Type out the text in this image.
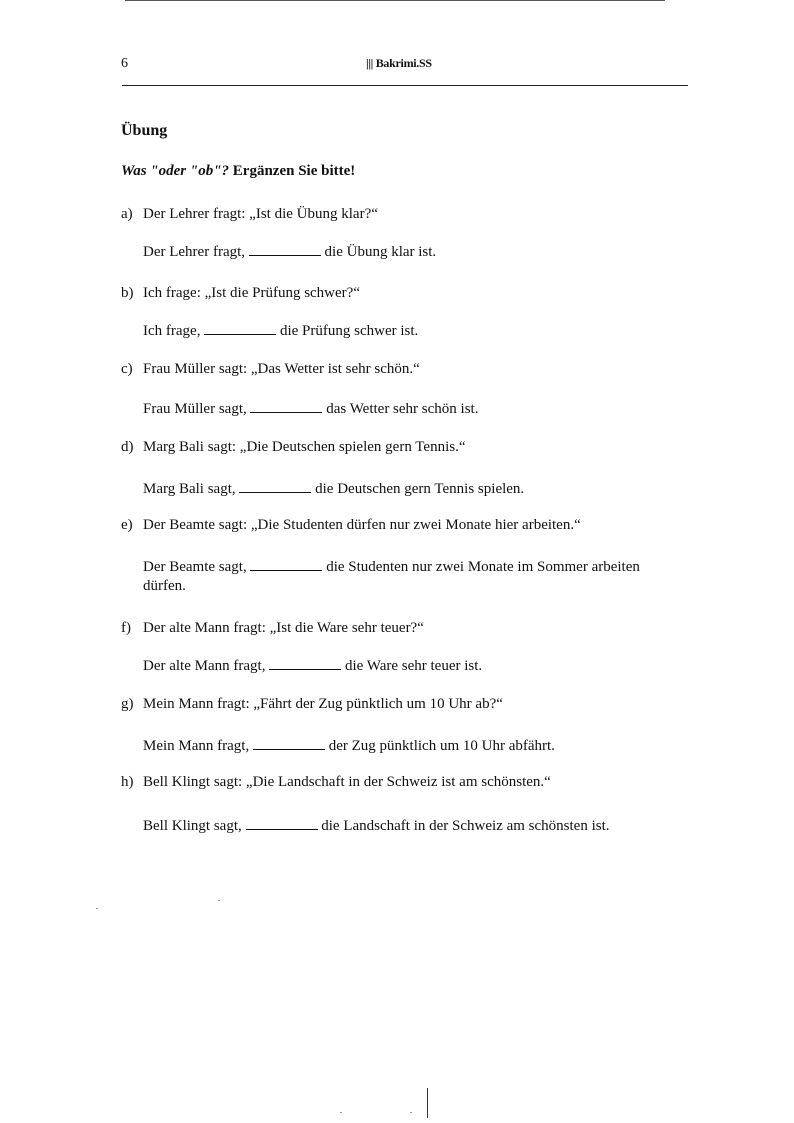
6	||| Bakrimi.SS
Übung
Was "oder "ob"? Ergänzen Sie bitte!
a) Der Lehrer fragt: „Ist die Übung klar?“
Der Lehrer fragt,	die Übung klar ist.
b) Ich frage: „Ist die Prüfung schwer?“
Ich frage,	die Prüfung schwer ist.
c) Frau Müller sagt: „Das Wetter ist sehr schön.“
Frau Müller sagt,	das Wetter sehr schön ist.
d) Marg Bali sagt: „Die Deutschen spielen gern Tennis.“
Marg Bali sagt,	die Deutschen gern Tennis spielen.
e) Der Beamte sagt: „Die Studenten dürfen nur zwei Monate hier arbeiten.“
Der Beamte sagt,	die Studenten nur zwei Monate im Sommer arbeiten
dürfen.
f) Der alte Mann fragt: „Ist die Ware sehr teuer?“
Der alte Mann fragt,	die Ware sehr teuer ist.
g) Mein Mann fragt: „Fährt der Zug pünktlich um 10 Uhr ab?“
Mein Mann fragt,	der Zug pünktlich um 10 Uhr abfährt.
h) Bell Klingt sagt: „Die Landschaft in der Schweiz ist am schönsten.“
Bell Klingt sagt,	die Landschaft in der Schweiz am schönsten ist.
